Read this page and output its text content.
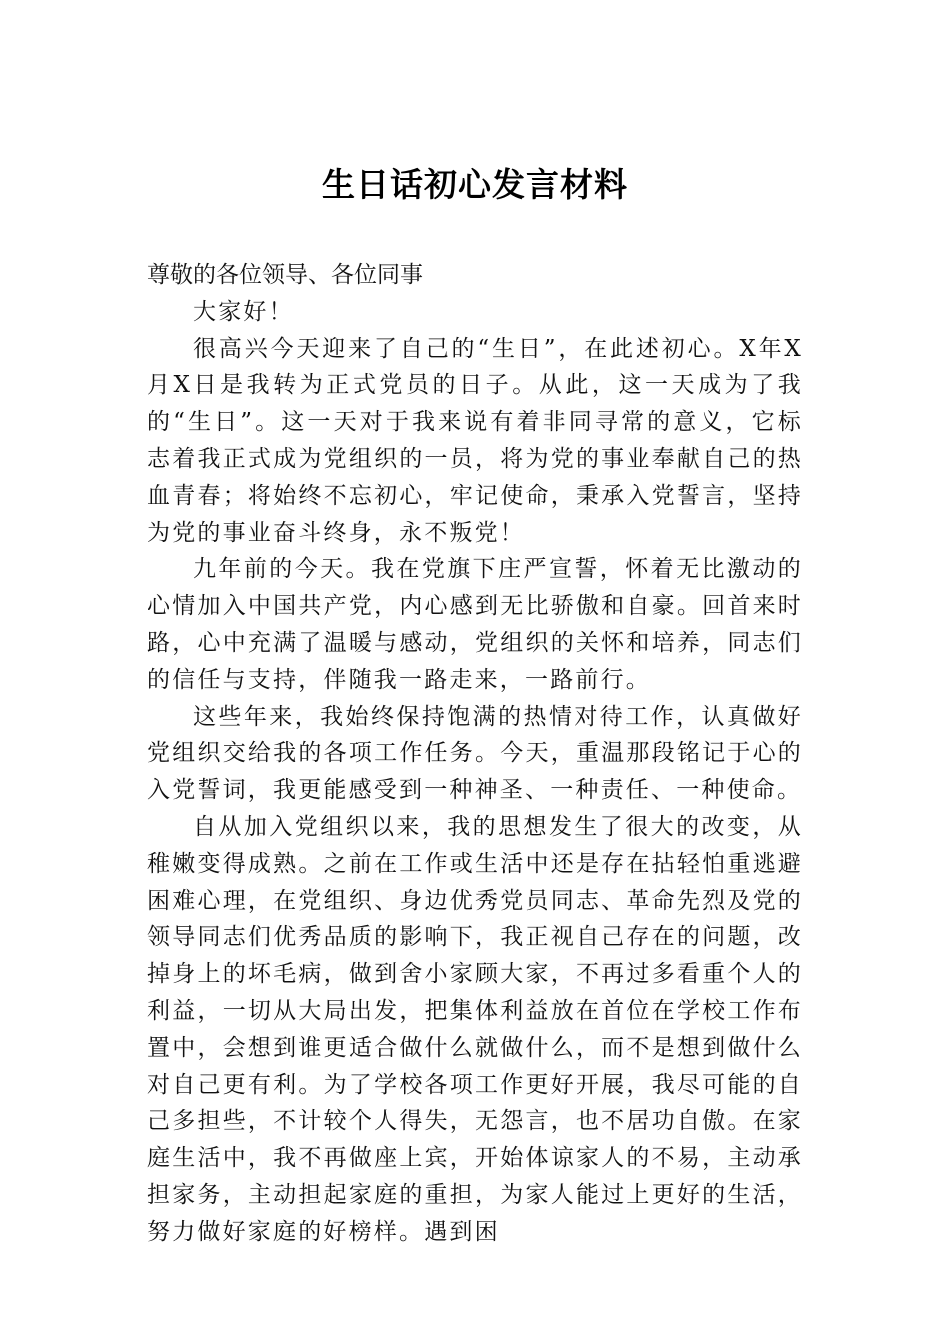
生日话初心发言材料

尊敬的各位领导、各位同事

大家好！

很高兴今天迎来了自己的“生日”，在此述初心。X年X月X日是我转为正式党员的日子。从此，这一天成为了我的“生日”。这一天对于我来说有着非同寻常的意义，它标志着我正式成为党组织的一员，将为党的事业奉献自己的热血青春；将始终不忘初心，牢记使命，秉承入党誓言，坚持为党的事业奋斗终身，永不叛党！

九年前的今天。我在党旗下庄严宣誓，怀着无比激动的心情加入中国共产党，内心感到无比骄傲和自豪。回首来时路，心中充满了温暖与感动，党组织的关怀和培养，同志们的信任与支持，伴随我一路走来，一路前行。

这些年来，我始终保持饱满的热情对待工作，认真做好党组织交给我的各项工作任务。今天，重温那段铭记于心的入党誓词，我更能感受到一种神圣、一种责任、一种使命。

自从加入党组织以来，我的思想发生了很大的改变，从稚嫩变得成熟。之前在工作或生活中还是存在拈轻怕重逃避困难心理，在党组织、身边优秀党员同志、革命先烈及党的领导同志们优秀品质的影响下，我正视自己存在的问题，改掉身上的坏毛病，做到舍小家顾大家，不再过多看重个人的利益，一切从大局出发，把集体利益放在首位在学校工作布置中，会想到谁更适合做什么就做什么，而不是想到做什么对自己更有利。为了学校各项工作更好开展，我尽可能的自己多担些，不计较个人得失，无怨言，也不居功自傲。在家庭生活中，我不再做座上宾，开始体谅家人的不易，主动承担家务，主动担起家庭的重担，为家人能过上更好的生活，努力做好家庭的好榜样。遇到困
